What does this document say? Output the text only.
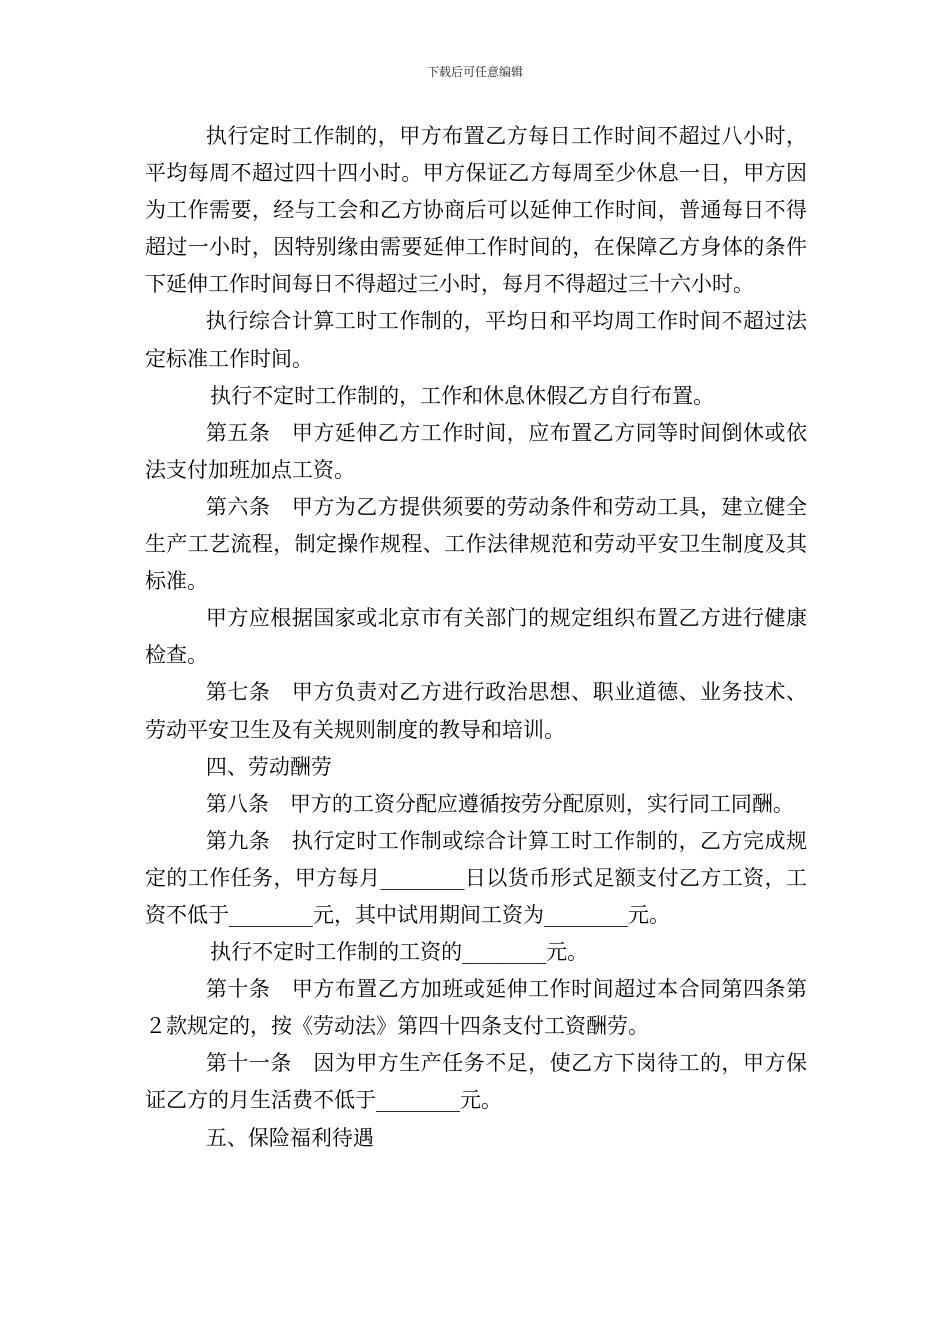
下载后可任意编辑

执行定时工作制的，甲方布置乙方每日工作时间不超过八小时，平均每周不超过四十四小时。甲方保证乙方每周至少休息一日，甲方因为工作需要，经与工会和乙方协商后可以延伸工作时间，普通每日不得超过一小时，因特别缘由需要延伸工作时间的，在保障乙方身体的条件下延伸工作时间每日不得超过三小时，每月不得超过三十六小时。

执行综合计算工时工作制的，平均日和平均周工作时间不超过法定标准工作时间。

执行不定时工作制的，工作和休息休假乙方自行布置。

第五条　甲方延伸乙方工作时间，应布置乙方同等时间倒休或依法支付加班加点工资。

第六条　甲方为乙方提供须要的劳动条件和劳动工具，建立健全生产工艺流程，制定操作规程、工作法律规范和劳动平安卫生制度及其标准。

甲方应根据国家或北京市有关部门的规定组织布置乙方进行健康检查。

第七条　甲方负责对乙方进行政治思想、职业道德、业务技术、劳动平安卫生及有关规则制度的教导和培训。

四、劳动酬劳

第八条　甲方的工资分配应遵循按劳分配原则，实行同工同酬。

第九条　执行定时工作制或综合计算工时工作制的，乙方完成规定的工作任务，甲方每月________日以货币形式足额支付乙方工资，工资不低于________元，其中试用期间工资为________元。

执行不定时工作制的工资的________元。

第十条　甲方布置乙方加班或延伸工作时间超过本合同第四条第２款规定的，按《劳动法》第四十四条支付工资酬劳。

第十一条　因为甲方生产任务不足，使乙方下岗待工的，甲方保证乙方的月生活费不低于________元。

五、保险福利待遇
